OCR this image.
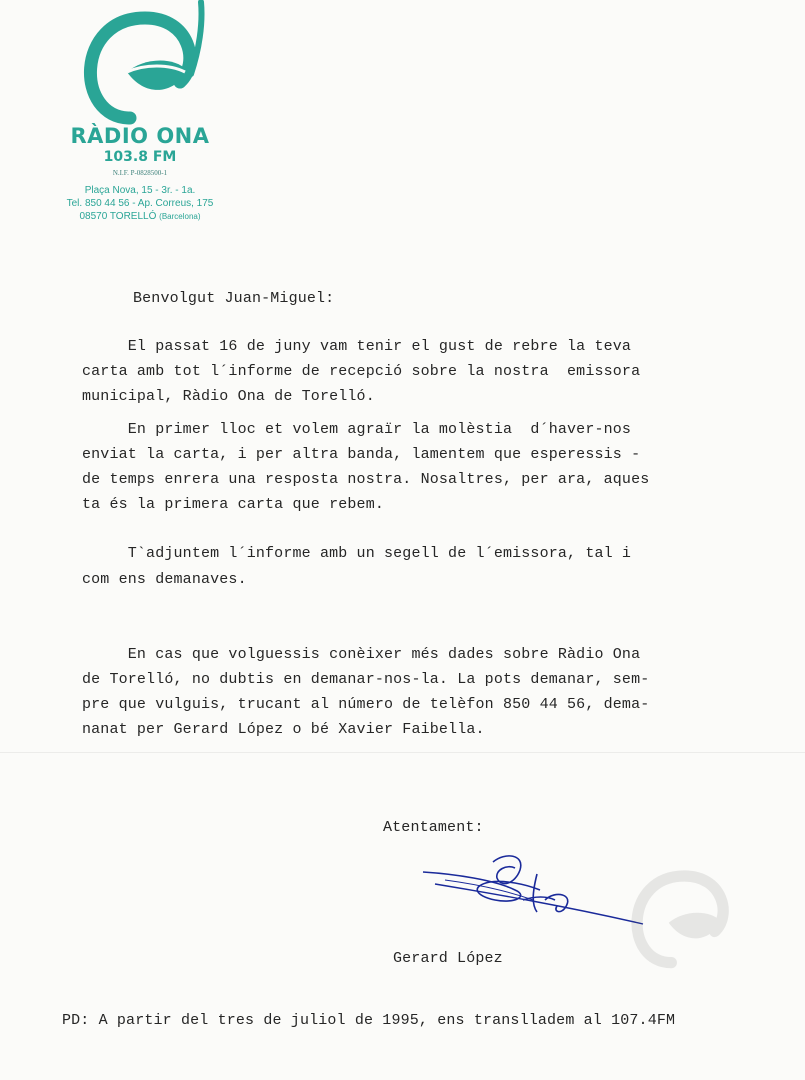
RÀDIO ONA
103.8 FM
N.I.F. P-0828500-1
Plaça Nova, 15 - 3r. - 1a.
Tel. 850 44 56 - Ap. Correus, 175
08570 TORELLÓ (Barcelona)
Benvolgut Juan-Miguel:
El passat 16 de juny vam tenir el gust de rebre la teva
carta amb tot l´informe de recepció sobre la nostra  emissora
municipal, Ràdio Ona de Torelló.
En primer lloc et volem agraïr la molèstia  d´haver-nos
enviat la carta, i per altra banda, lamentem que esperessis -
de temps enrera una resposta nostra. Nosaltres, per ara, aques
ta és la primera carta que rebem.
T`adjuntem l´informe amb un segell de l´emissora, tal i
com ens demanaves.
En cas que volguessis conèixer més dades sobre Ràdio Ona
de Torelló, no dubtis en demanar-nos-la. La pots demanar, sem-
pre que vulguis, trucant al número de telèfon 850 44 56, dema-
nanat per Gerard López o bé Xavier Faibella.
Atentament:
Gerard López
PD: A partir del tres de juliol de 1995, ens translladem al 107.4FM
